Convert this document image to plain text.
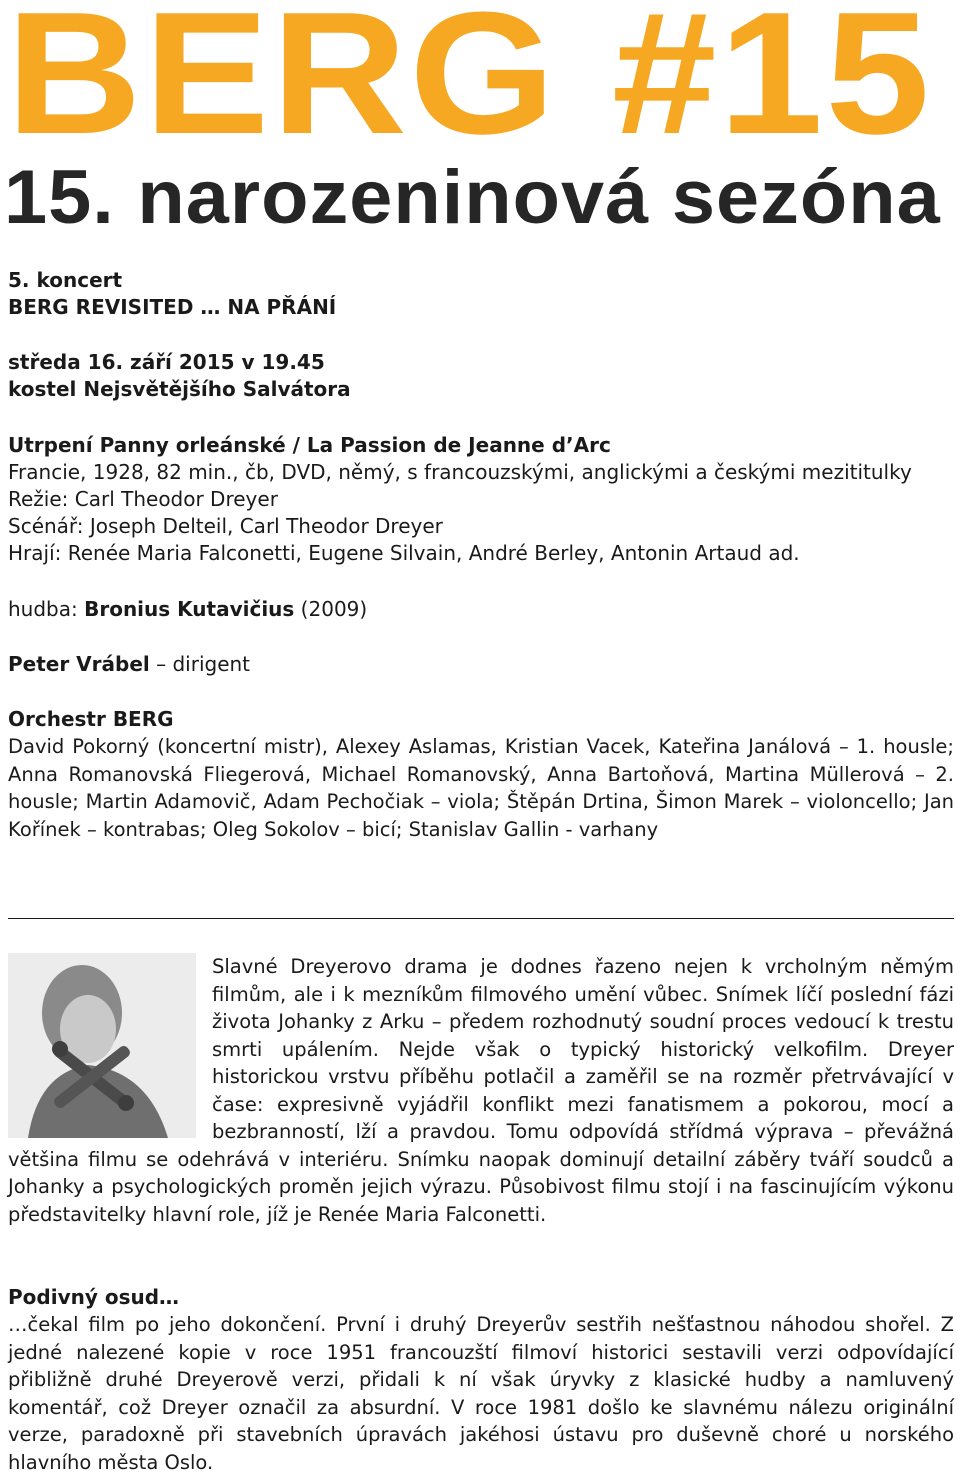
BERG #15
15. narozeninová sezóna
5. koncert
BERG REVISITED … NA PŘÁNÍ
středa 16. září 2015 v 19.45
kostel Nejsvětějšího Salvátora
Utrpení Panny orleánské / La Passion de Jeanne d’Arc
Francie, 1928, 82 min., čb, DVD, němý, s francouzskými, anglickými a českými mezititulky
Režie: Carl Theodor Dreyer
Scénář: Joseph Delteil, Carl Theodor Dreyer
Hrají: Renée Maria Falconetti, Eugene Silvain, André Berley, Antonin Artaud ad.
hudba: Bronius Kutavičius (2009)
Peter Vrábel – dirigent
Orchestr BERG
David Pokorný (koncertní mistr), Alexey Aslamas, Kristian Vacek, Kateřina Janálová – 1. housle; Anna Romanovská Fliegerová, Michael Romanovský, Anna Bartoňová, Martina Müllerová – 2. housle; Martin Adamovič, Adam Pechočiak – viola; Štěpán Drtina, Šimon Marek – violoncello; Jan Kořínek – kontrabas; Oleg Sokolov – bicí; Stanislav Gallin - varhany
Slavné Dreyerovo drama je dodnes řazeno nejen k vrcholným němým filmům, ale i k mezníkům filmového umění vůbec. Snímek líčí poslední fázi života Johanky z Arku – předem rozhodnutý soudní proces vedoucí k trestu smrti upálením. Nejde však o typický historický velkofilm. Dreyer historickou vrstvu příběhu potlačil a zaměřil se na rozměr přetrvávající v čase: expresivně vyjádřil konflikt mezi fanatismem a pokorou, mocí a bezbranností, lží a pravdou. Tomu odpovídá střídmá výprava – převážná většina filmu se odehrává v interiéru. Snímku naopak dominují detailní záběry tváří soudců a Johanky a psychologických proměn jejich výrazu. Působivost filmu stojí i na fascinujícím výkonu představitelky hlavní role, jíž je Renée Maria Falconetti.
Podivný osud…
…čekal film po jeho dokončení. První i druhý Dreyerův sestřih nešťastnou náhodou shořel. Z jedné nalezené kopie v roce 1951 francouzští filmoví historici sestavili verzi odpovídající přibližně druhé Dreyerově verzi, přidali k ní však úryvky z klasické hudby a namluvený komentář, což Dreyer označil za absurdní. V roce 1981 došlo ke slavnému nálezu originální verze, paradoxně při stavebních úpravách jakéhosi ústavu pro duševně choré u norského hlavního města Oslo.
